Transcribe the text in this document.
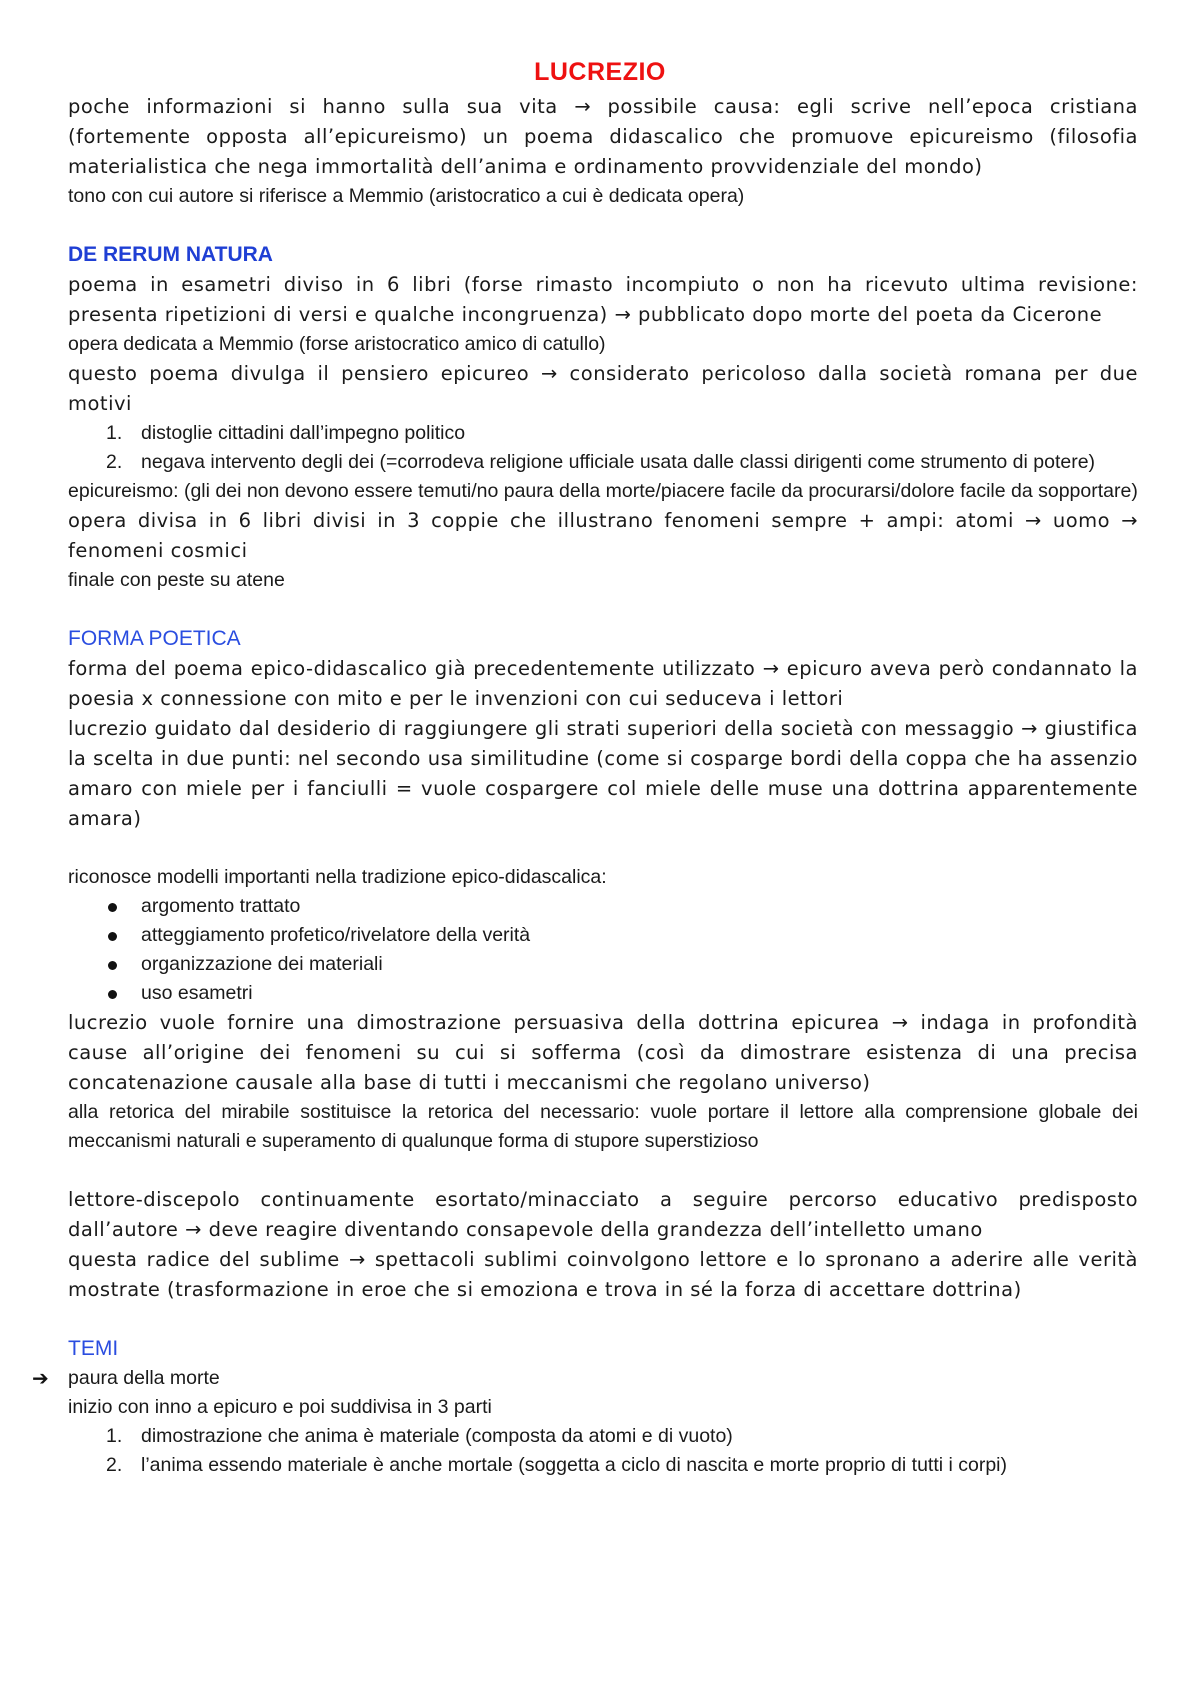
LUCREZIO

poche informazioni si hanno sulla sua vita → possibile causa: egli scrive nell’epoca cristiana (fortemente opposta all’epicureismo) un poema didascalico che promuove epicureismo (filosofia materialistica che nega immortalità dell’anima e ordinamento provvidenziale del mondo)

tono con cui autore si riferisce a Memmio (aristocratico a cui è dedicata opera)

DE RERUM NATURA

poema in esametri diviso in 6 libri (forse rimasto incompiuto o non ha ricevuto ultima revisione: presenta ripetizioni di versi e qualche incongruenza) → pubblicato dopo morte del poeta da Cicerone

opera dedicata a Memmio (forse aristocratico amico di catullo)

questo poema divulga il pensiero epicureo → considerato pericoloso dalla società romana per due motivi

1. distoglie cittadini dall’impegno politico
2. negava intervento degli dei (=corrodeva religione ufficiale usata dalle classi dirigenti come strumento di potere)

epicureismo: (gli dei non devono essere temuti/no paura della morte/piacere facile da procurarsi/dolore facile da sopportare)

opera divisa in 6 libri divisi in 3 coppie che illustrano fenomeni sempre + ampi: atomi → uomo → fenomeni cosmici

finale con peste su atene

FORMA POETICA

forma del poema epico-didascalico già precedentemente utilizzato → epicuro aveva però condannato la poesia x connessione con mito e per le invenzioni con cui seduceva i lettori

lucrezio guidato dal desiderio di raggiungere gli strati superiori della società con messaggio → giustifica la scelta in due punti: nel secondo usa similitudine (come si cosparge bordi della coppa che ha assenzio amaro con miele per i fanciulli = vuole cospargere col miele delle muse una dottrina apparentemente amara)

riconosce modelli importanti nella tradizione epico-didascalica:

argomento trattato
atteggiamento profetico/rivelatore della verità
organizzazione dei materiali
uso esametri

lucrezio vuole fornire una dimostrazione persuasiva della dottrina epicurea → indaga in profondità cause all’origine dei fenomeni su cui si sofferma (così da dimostrare esistenza di una precisa concatenazione causale alla base di tutti i meccanismi che regolano universo)

alla retorica del mirabile sostituisce la retorica del necessario: vuole portare il lettore alla comprensione globale dei meccanismi naturali e superamento di qualunque forma di stupore superstizioso

lettore-discepolo continuamente esortato/minacciato a seguire percorso educativo predisposto dall’autore → deve reagire diventando consapevole della grandezza dell’intelletto umano

questa radice del sublime → spettacoli sublimi coinvolgono lettore e lo spronano a aderire alle verità mostrate (trasformazione in eroe che si emoziona e trova in sé la forza di accettare dottrina)

TEMI

➔ paura della morte

inizio con inno a epicuro e poi suddivisa in 3 parti

1. dimostrazione che anima è materiale (composta da atomi e di vuoto)
2. l’anima essendo materiale è anche mortale (soggetta a ciclo di nascita e morte proprio di tutti i corpi)
